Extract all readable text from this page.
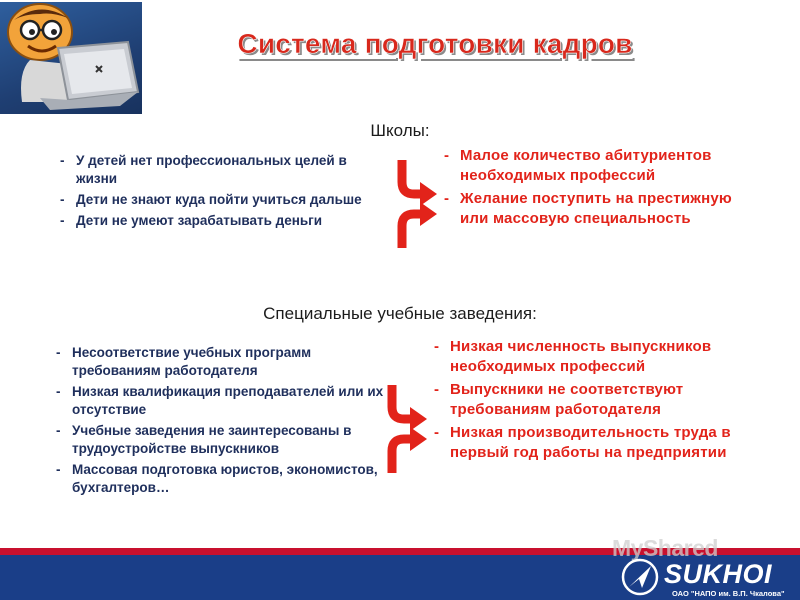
Система подготовки кадров
Школы:
- У детей нет профессиональных целей в жизни
- Дети не знают куда пойти учиться дальше
- Дети не умеют зарабатывать деньги
- Малое количество абитуриентов необходимых профессий
- Желание поступить на престижную или массовую специальность
Специальные учебные заведения:
- Несоответствие учебных программ требованиям работодателя
- Низкая квалификация преподавателей или их отсутствие
- Учебные заведения не заинтересованы в трудоустройстве выпускников
- Массовая подготовка юристов, экономистов, бухгалтеров…
- Низкая численность выпускников необходимых профессий
- Выпускники не соответствуют требованиям работодателя
- Низкая производительность труда в первый год работы на предприятии
MyShared
SUKHOI
ОАО "НАПО им. В.П. Чкалова"
